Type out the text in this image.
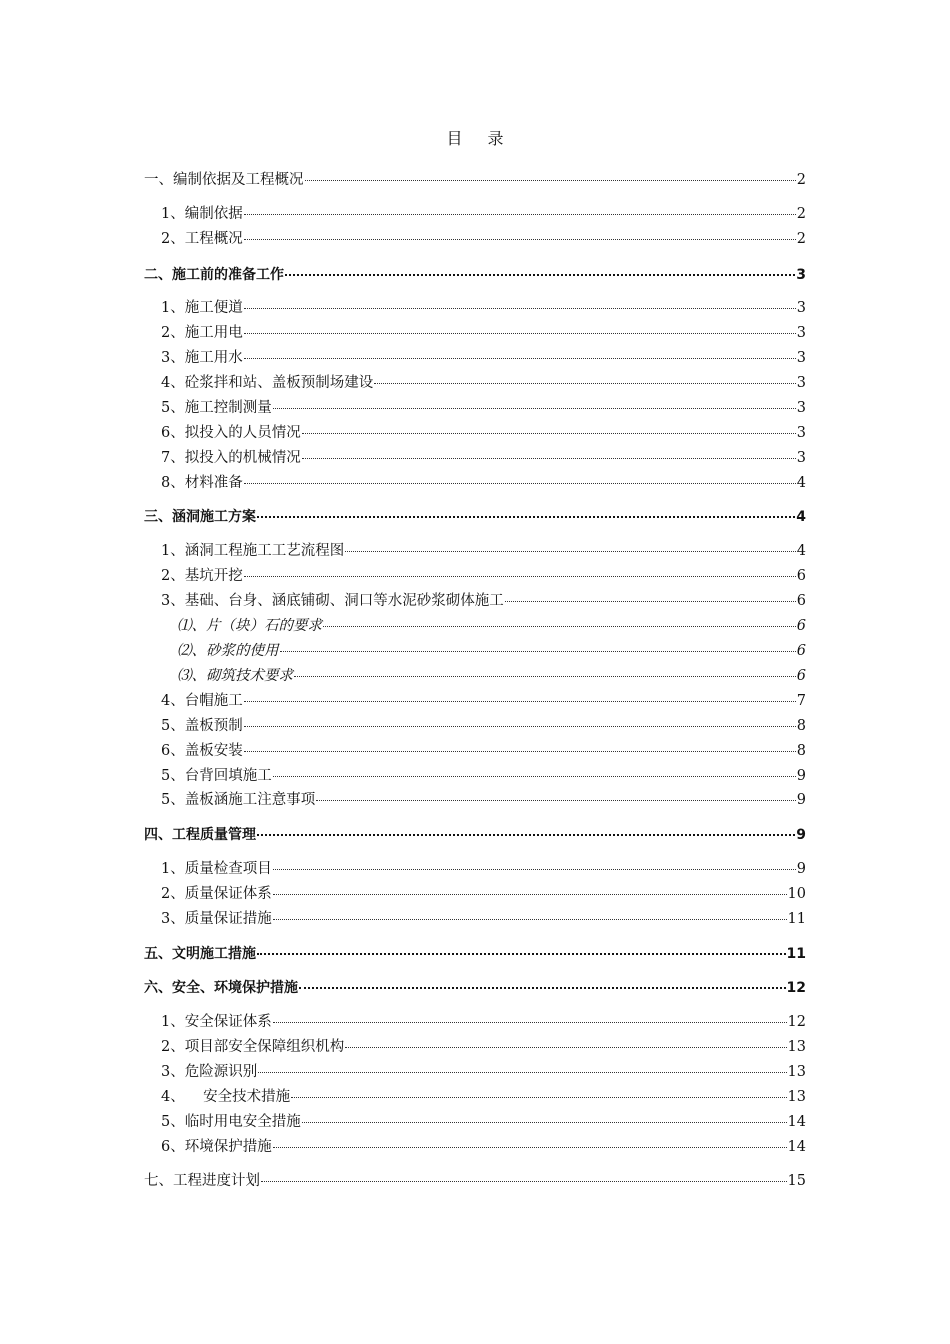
目 录
一、编制依据及工程概况	2
1、编制依据	2
2、工程概况	2
二、施工前的准备工作	3
1、施工便道	3
2、施工用电	3
3、施工用水	3
4、砼浆拌和站、盖板预制场建设	3
5、施工控制测量	3
6、拟投入的人员情况	3
7、拟投入的机械情况	3
8、材料准备	4
三、涵洞施工方案	4
1、涵洞工程施工工艺流程图	4
2、基坑开挖	6
3、基础、台身、涵底铺砌、洞口等水泥砂浆砌体施工	6
⑴、片（块）石的要求	6
⑵、砂浆的使用	6
⑶、砌筑技术要求	6
4、台帽施工	7
5、盖板预制	8
6、盖板安装	8
5、台背回填施工	9
5、盖板涵施工注意事项	9
四、工程质量管理	9
1、质量检查项目	9
2、质量保证体系	10
3、质量保证措施	11
五、文明施工措施	11
六、安全、环境保护措施	12
1、安全保证体系	12
2、项目部安全保障组织机构	13
3、危险源识别	13
4、    安全技术措施	13
5、临时用电安全措施	14
6、环境保护措施	14
七、工程进度计划	15
